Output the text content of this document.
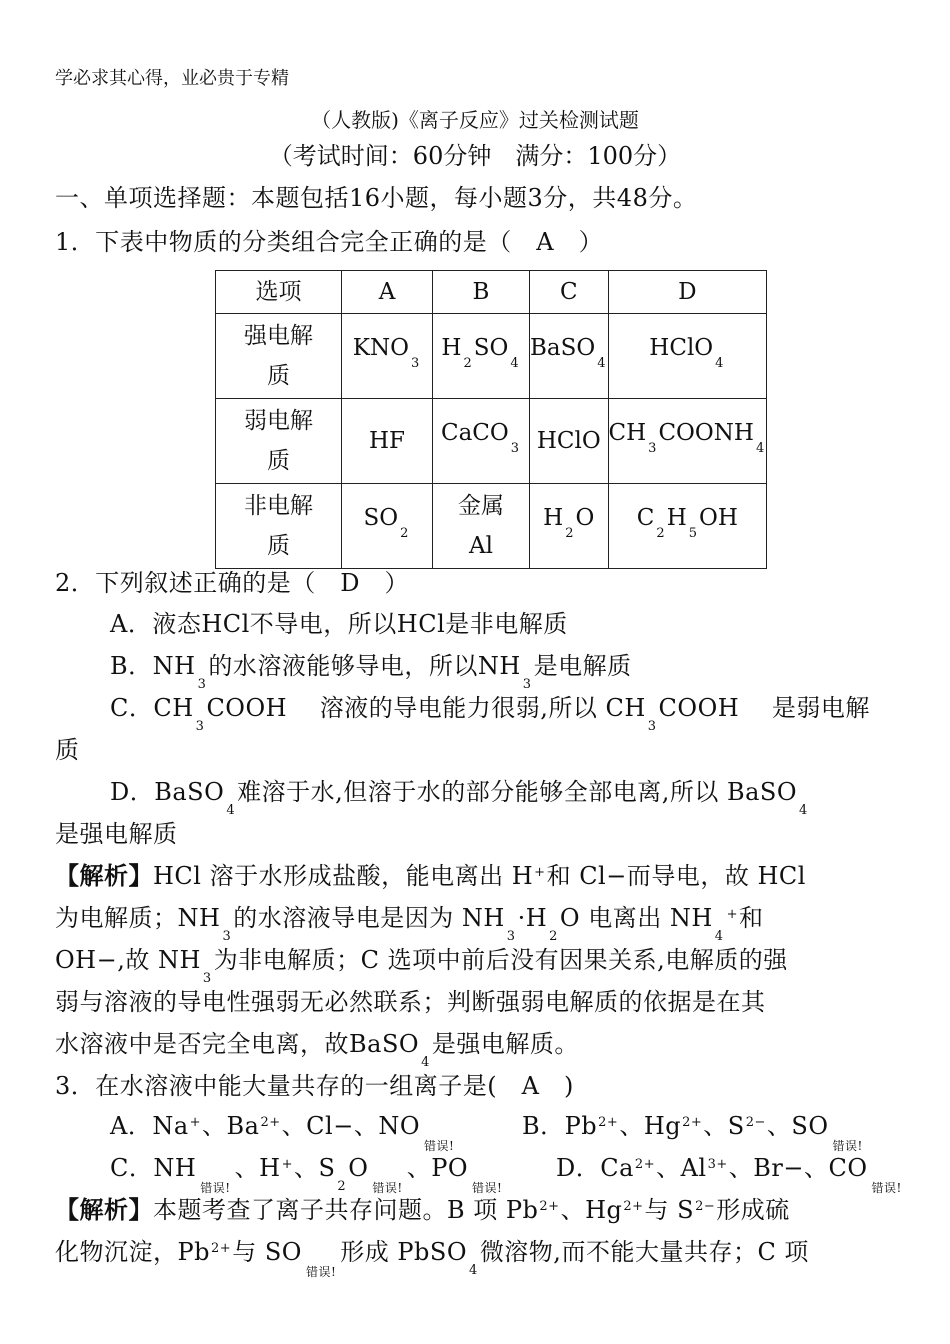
学必求其心得，业必贵于专精
（人教版)《离子反应》过关检测试题
（考试时间：60分钟　满分：100分）
一、单项选择题：本题包括16小题，每小题3分，共48分。
1．下表中物质的分类组合完全正确的是（　A　）
选项	A	B	C	D
强电解
质	$KNO_3$	$H_2SO_4$	BaSO$_4$	HClO$_4$
弱电解
质	HF	CaCO$_3$	HClO	$CH_3COONH_4$
非电解
质	$SO_2$	金属
Al	$H_2O$	$C_2H_5OH$
2．下列叙述正确的是（　D　）
A．液态HCl不导电，所以HCl是非电解质
B．$NH_3$的水溶液能够导电，所以$NH_3$是电解质
C．$CH_3COOH$　 溶液的导电能力很弱,所以 $CH_3COOH$　 是弱电解
质
D．BaSO$_4$难溶于水,但溶于水的部分能够全部电离,所以 BaSO$_4$
是强电解质
【解析】HCl 溶于水形成盐酸，能电离出 H+和 Cl−而导电，故 HCl
为电解质；$NH_3$的水溶液导电是因为 $NH_3\cdot H_2O$ 电离出 $NH_4^+$和
OH−,故 $NH_3$为非电解质；C 选项中前后没有因果关系,电解质的强
弱与溶液的导电性强弱无必然联系；判断强弱电解质的依据是在其
水溶液中是否完全电离，故BaSO$_4$是强电解质。
3．在水溶液中能大量共存的一组离子是(　A　)
A．Na+、$Ba^{2+}$、Cl−、$NO_{错误!}$
B．$Pb^{2+}$、$Hg^{2+}$、$S^{2-}$、$SO_{错误!}$
C．$NH_{错误!}$、H+、$S_2O_{错误!}$、$PO_{错误!}$
D．$Ca^{2+}$、$Al^{3+}$、Br−、$CO_{错误!}$
【解析】本题考查了离子共存问题。B 项 $Pb^{2+}$、$Hg^{2+}$与 $S^{2-}$形成硫
化物沉淀，$Pb^{2+}$与 $SO_{错误!}$形成 PbSO$_4$微溶物,而不能大量共存；C 项
